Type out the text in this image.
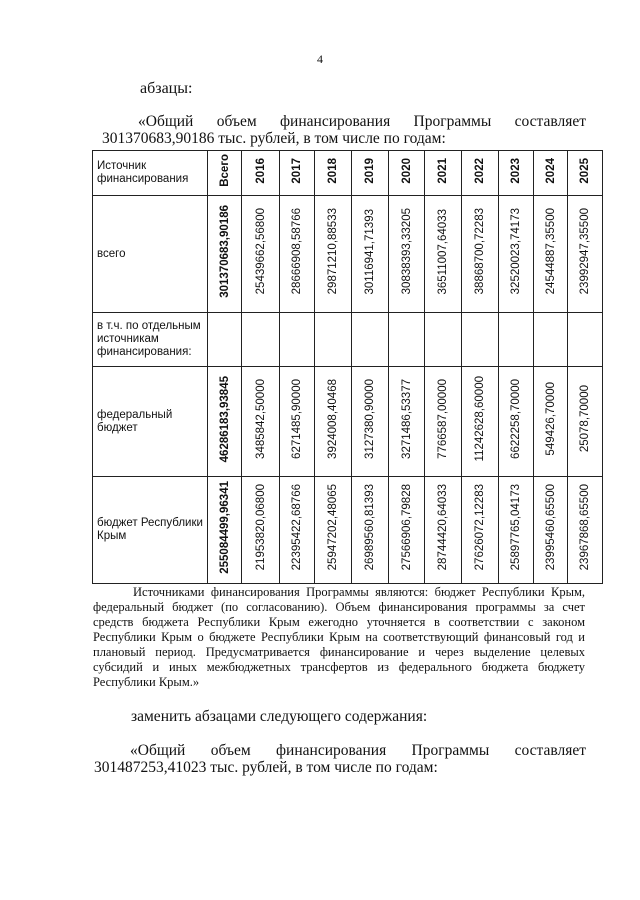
4
абзацы:
«Общий объем финансирования Программы составляет 301370683,90186 тыс. рублей, в том числе по годам:
Источник финансирования	Всего	2016	2017	2018	2019	2020	2021	2022	2023	2024	2025
всего	301370683,90186	25439662,56800	28666908,58766	29871210,88533	30116941,71393	30838393,33205	36511007,64033	38868700,72283	32520023,74173	24544887,35500	23992947,35500
в т.ч. по отдельным источникам финансирования:											
федеральный бюджет	46286183,93845	3485842,50000	6271485,90000	3924008,40468	3127380,90000	3271486,53377	7766587,00000	11242628,60000	6622258,70000	549426,70000	25078,70000
бюджет Республики Крым	255084499,96341	21953820,06800	22395422,68766	25947202,48065	26989560,81393	27566906,79828	28744420,64033	27626072,12283	25897765,04173	23995460,65500	23967868,65500
Источниками финансирования Программы являются: бюджет Республики Крым, федеральный бюджет (по согласованию). Объем финансирования программы за счет средств бюджета Республики Крым ежегодно уточняется в соответствии с законом Республики Крым о бюджете Республики Крым на соответствующий финансовый год и плановый период. Предусматривается финансирование и через выделение целевых субсидий и иных межбюджетных трансфертов из федерального бюджета бюджету Республики Крым.»
заменить абзацами следующего содержания:
«Общий объем финансирования Программы составляет 301487253,41023 тыс. рублей, в том числе по годам:
